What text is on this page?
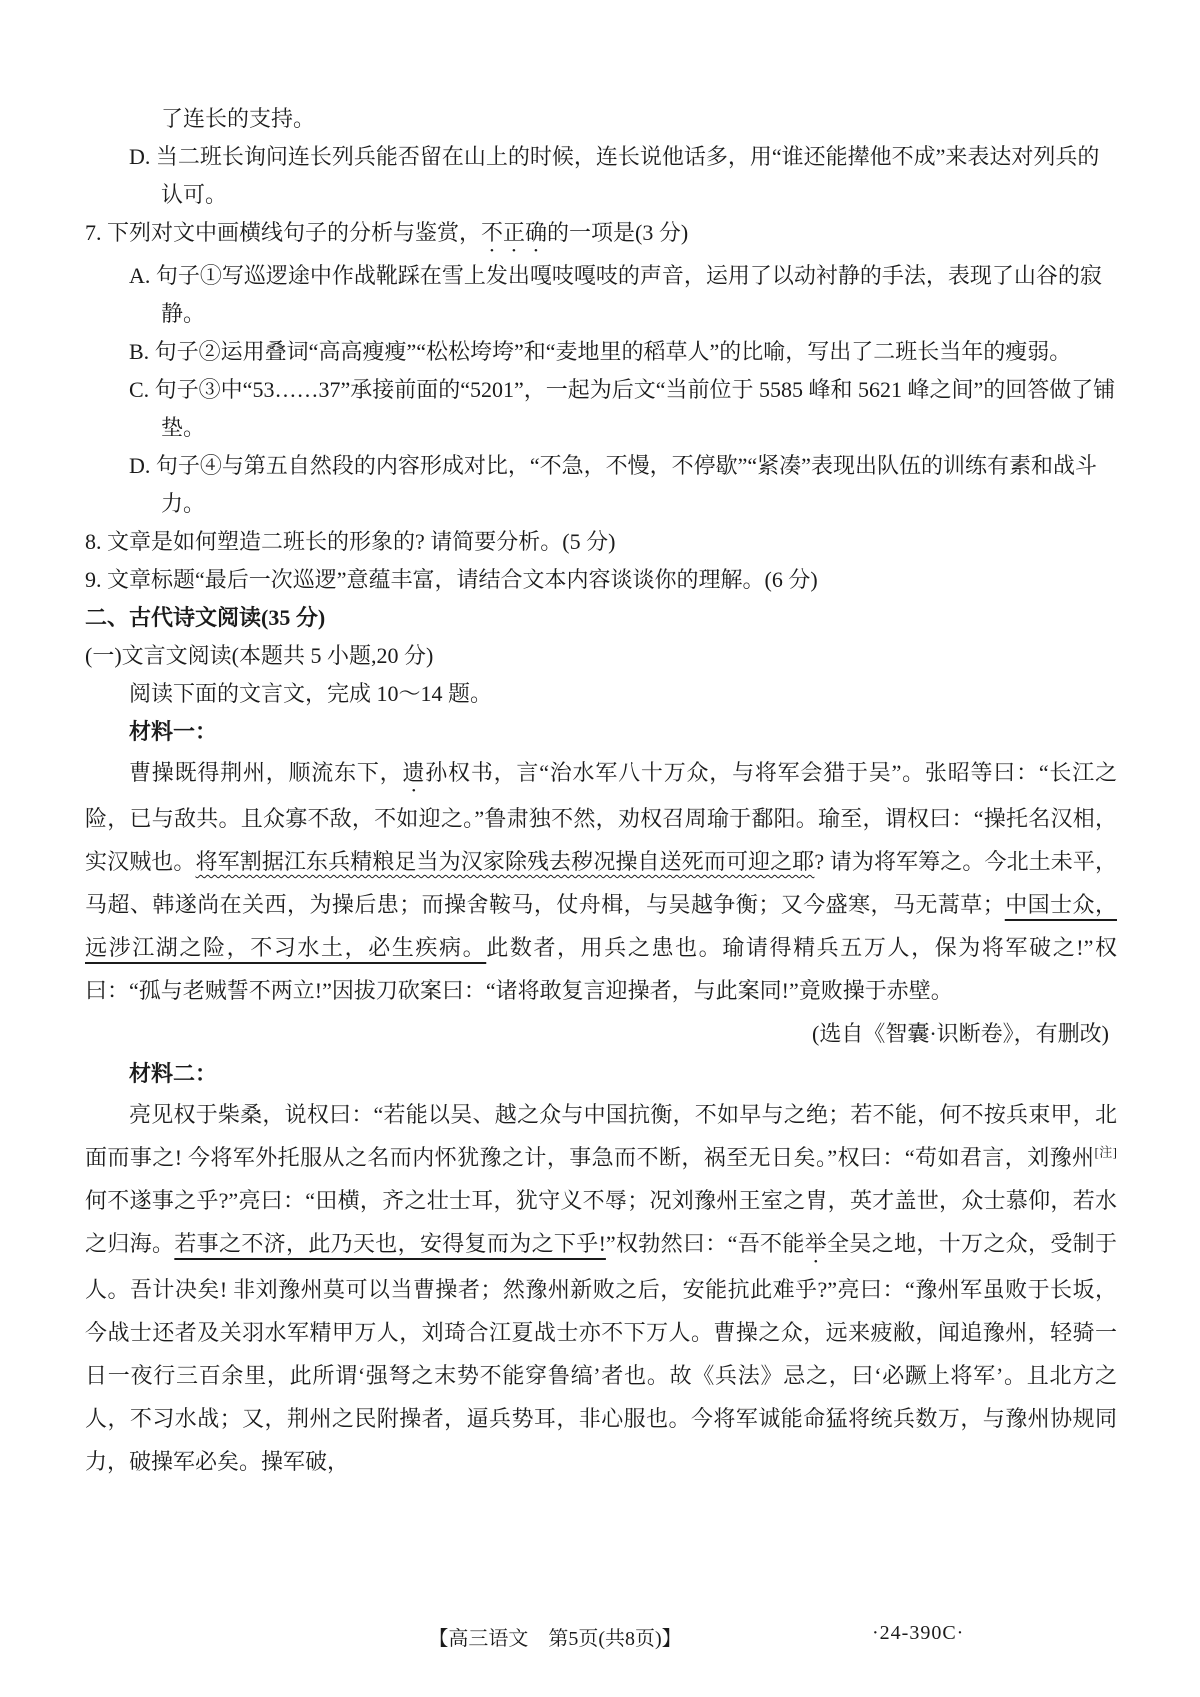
了连长的支持。

D. 当二班长询问连长列兵能否留在山上的时候，连长说他话多，用“谁还能撵他不成”来表达对列兵的认可。

7. 下列对文中画横线句子的分析与鉴赏，不正确的一项是(3 分)

A. 句子①写巡逻途中作战靴踩在雪上发出嘎吱嘎吱的声音，运用了以动衬静的手法，表现了山谷的寂静。

B. 句子②运用叠词“高高瘦瘦”“松松垮垮”和“麦地里的稻草人”的比喻，写出了二班长当年的瘦弱。

C. 句子③中“53……37”承接前面的“5201”，一起为后文“当前位于 5585 峰和 5621 峰之间”的回答做了铺垫。

D. 句子④与第五自然段的内容形成对比，“不急，不慢，不停歇”“紧凑”表现出队伍的训练有素和战斗力。

8. 文章是如何塑造二班长的形象的? 请简要分析。(5 分)

9. 文章标题“最后一次巡逻”意蕴丰富，请结合文本内容谈谈你的理解。(6 分)

二、古代诗文阅读(35 分)

(一)文言文阅读(本题共 5 小题,20 分)

阅读下面的文言文，完成 10～14 题。

材料一：

曹操既得荆州，顺流东下，遗孙权书，言“治水军八十万众，与将军会猎于吴”。张昭等曰：“长江之险，已与敌共。且众寡不敌，不如迎之。”鲁肃独不然，劝权召周瑜于鄱阳。瑜至，谓权曰：“操托名汉相，实汉贼也。将军割据江东兵精粮足当为汉家除残去秽况操自送死而可迎之耶? 请为将军筹之。今北土未平，马超、韩遂尚在关西，为操后患；而操舍鞍马，仗舟楫，与吴越争衡；又今盛寒，马无蒿草；中国士众，远涉江湖之险，不习水土，必生疾病。此数者，用兵之患也。瑜请得精兵五万人，保为将军破之!”权曰：“孤与老贼誓不两立!”因拔刀砍案曰：“诸将敢复言迎操者，与此案同!”竟败操于赤壁。

(选自《智囊·识断卷》，有删改)

材料二：

亮见权于柴桑，说权曰：“若能以吴、越之众与中国抗衡，不如早与之绝；若不能，何不按兵束甲，北面而事之! 今将军外托服从之名而内怀犹豫之计，事急而不断，祸至无日矣。”权曰：“苟如君言，刘豫州[注]何不遂事之乎?”亮曰：“田横，齐之壮士耳，犹守义不辱；况刘豫州王室之胄，英才盖世，众士慕仰，若水之归海。若事之不济，此乃天也，安得复而为之下乎!”权勃然曰：“吾不能举全吴之地，十万之众，受制于人。吾计决矣! 非刘豫州莫可以当曹操者；然豫州新败之后，安能抗此难乎?”亮曰：“豫州军虽败于长坂，今战士还者及关羽水军精甲万人，刘琦合江夏战士亦不下万人。曹操之众，远来疲敝，闻追豫州，轻骑一日一夜行三百余里，此所谓‘强弩之末势不能穿鲁缟’者也。故《兵法》忌之，曰‘必蹶上将军’。且北方之人，不习水战；又，荆州之民附操者，逼兵势耳，非心服也。今将军诚能命猛将统兵数万，与豫州协规同力，破操军必矣。操军破，

【高三语文　第5页(共8页)】	·24-390C·
